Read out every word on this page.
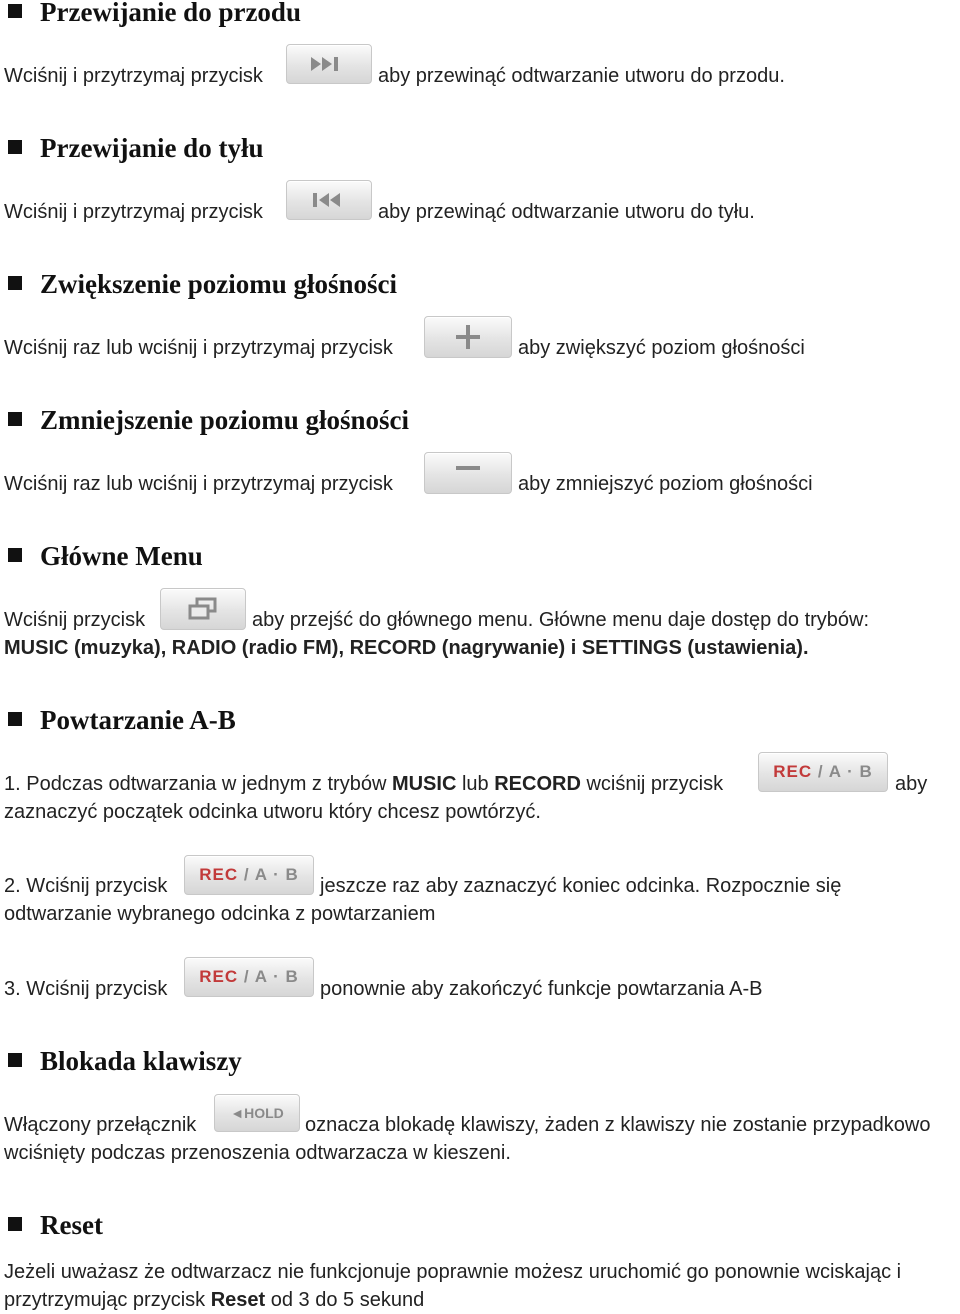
Przewijanie do przodu
Wciśnij i przytrzymaj przycisk	aby przewinąć odtwarzanie utworu do przodu.
Przewijanie do tyłu
Wciśnij i przytrzymaj przycisk	aby przewinąć odtwarzanie utworu do tyłu.
Zwiększenie poziomu głośności
Wciśnij raz lub wciśnij i przytrzymaj przycisk	aby zwiększyć poziom głośności
Zmniejszenie poziomu głośności
Wciśnij raz lub wciśnij i przytrzymaj przycisk	aby zmniejszyć poziom głośności
Główne Menu
Wciśnij przycisk	aby przejść do głównego menu. Główne menu daje dostęp do trybów:
MUSIC (muzyka), RADIO (radio FM), RECORD (nagrywanie) i SETTINGS (ustawienia).
Powtarzanie A-B
1. Podczas odtwarzania w jednym z trybów MUSIC lub RECORD wciśnij przycisk
REC
/ A · B
aby
zaznaczyć początek odcinka utworu który chcesz powtórzyć.
2. Wciśnij przycisk
REC
/ A · B
jeszcze raz aby zaznaczyć koniec odcinka. Rozpocznie się
odtwarzanie wybranego odcinka z powtarzaniem
3. Wciśnij przycisk
REC
/ A · B
ponownie aby zakończyć funkcje powtarzania A-B
Blokada klawiszy
Włączony przełącznik
◄HOLD
oznacza blokadę klawiszy, żaden z klawiszy nie zostanie przypadkowo
wciśnięty podczas przenoszenia odtwarzacza w kieszeni.
Reset
Jeżeli uważasz że odtwarzacz nie funkcjonuje poprawnie możesz uruchomić go ponownie wciskając i
przytrzymując przycisk Reset od 3 do 5 sekund
